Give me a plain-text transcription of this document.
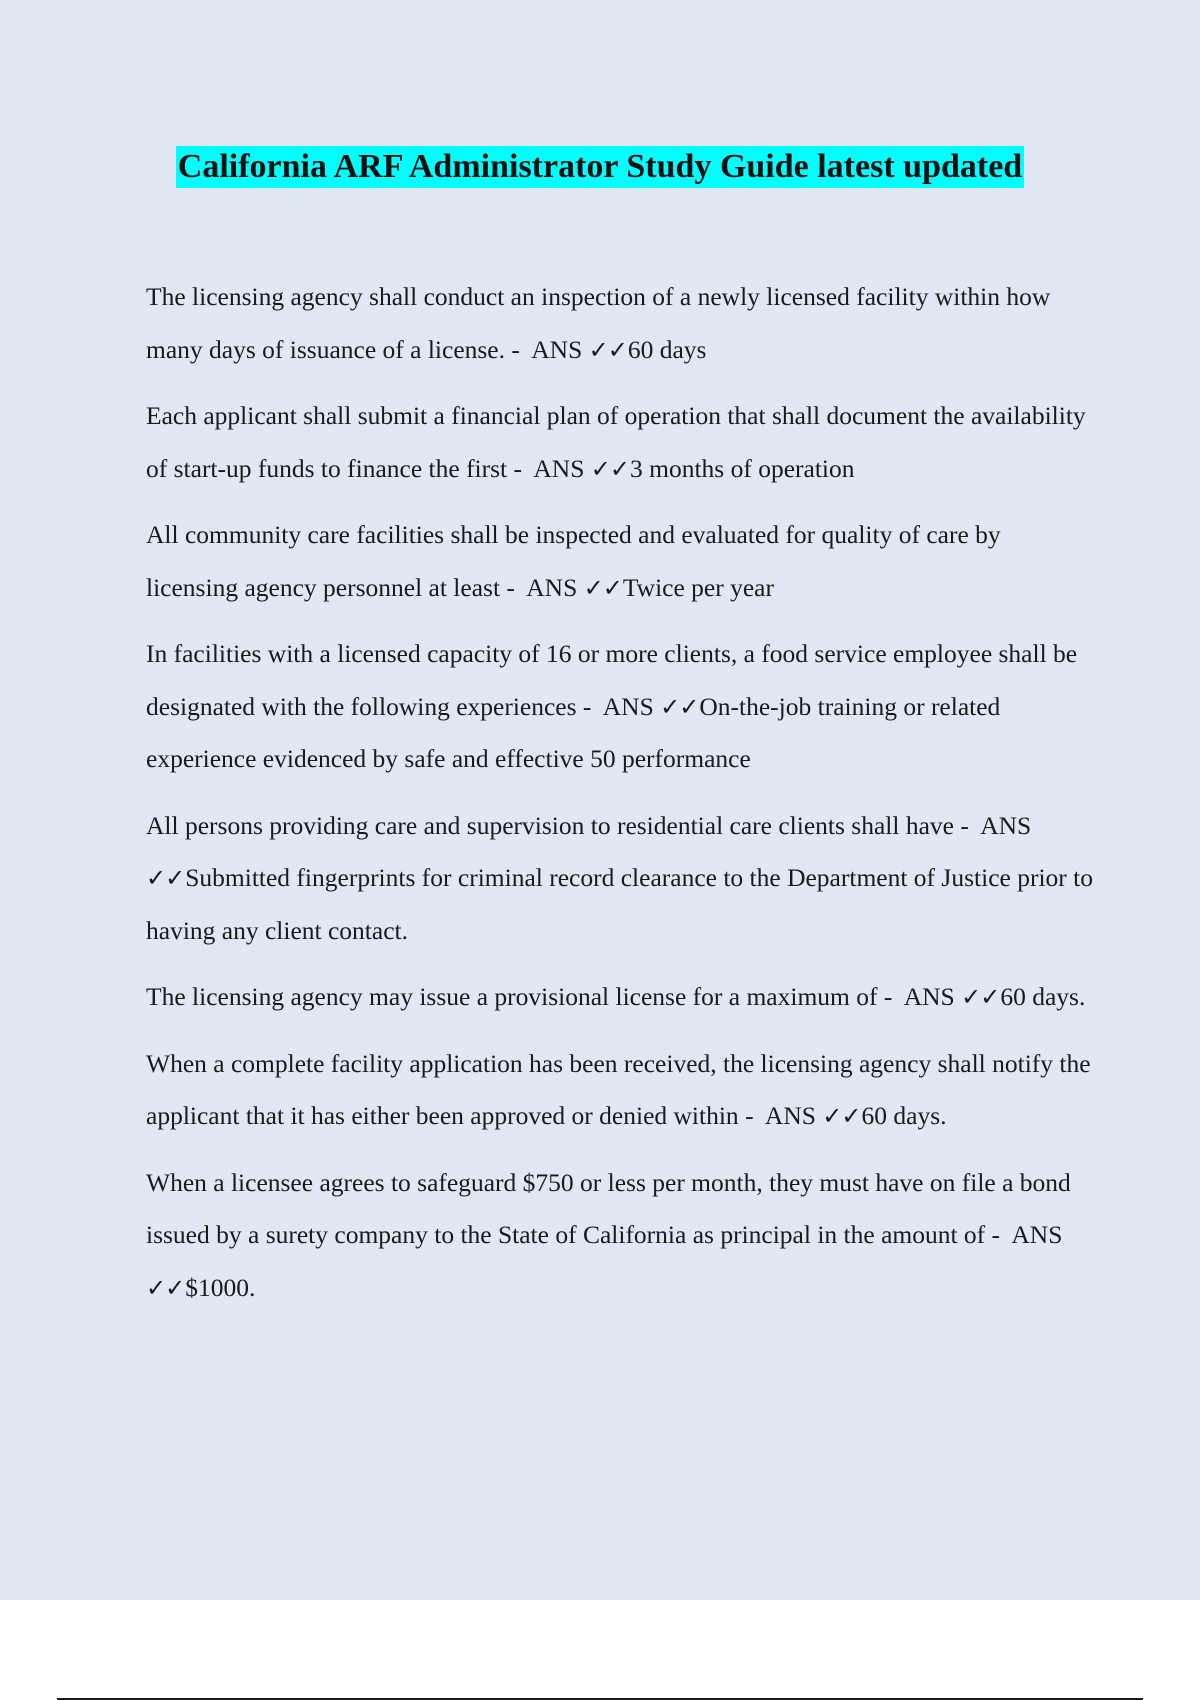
California ARF Administrator Study Guide latest updated

The licensing agency shall conduct an inspection of a newly licensed facility within how many days of issuance of a license. -  ANS ✓✓60 days

Each applicant shall submit a financial plan of operation that shall document the availability of start-up funds to finance the first -  ANS ✓✓3 months of operation

All community care facilities shall be inspected and evaluated for quality of care by licensing agency personnel at least -  ANS ✓✓Twice per year

In facilities with a licensed capacity of 16 or more clients, a food service employee shall be designated with the following experiences -  ANS ✓✓On-the-job training or related experience evidenced by safe and effective 50 performance

All persons providing care and supervision to residential care clients shall have -  ANS ✓✓Submitted fingerprints for criminal record clearance to the Department of Justice prior to having any client contact.

The licensing agency may issue a provisional license for a maximum of -  ANS ✓✓60 days.

When a complete facility application has been received, the licensing agency shall notify the applicant that it has either been approved or denied within -  ANS ✓✓60 days.

When a licensee agrees to safeguard $750 or less per month, they must have on file a bond issued by a surety company to the State of California as principal in the amount of -  ANS ✓✓$1000.
